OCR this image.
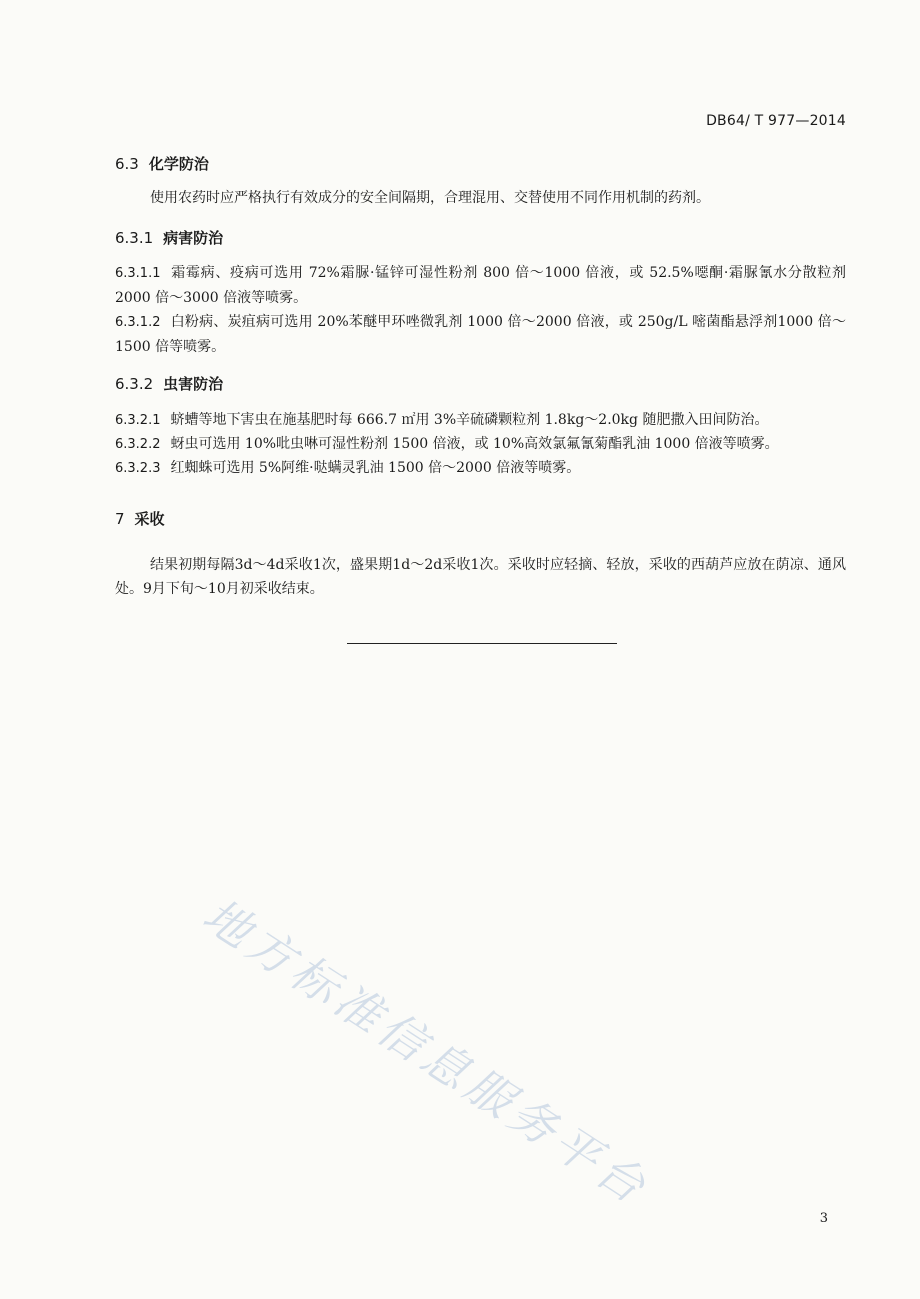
DB64/ T 977—2014
6.3 化学防治
使用农药时应严格执行有效成分的安全间隔期，合理混用、交替使用不同作用机制的药剂。
6.3.1 病害防治
6.3.1.1 霜霉病、疫病可选用 72%霜脲·锰锌可湿性粉剂 800 倍～1000 倍液，或 52.5%噁酮·霜脲氰水分散粒剂 2000 倍～3000 倍液等喷雾。
6.3.1.2 白粉病、炭疽病可选用 20%苯醚甲环唑微乳剂 1000 倍～2000 倍液，或 250g/L 嘧菌酯悬浮剂1000 倍～1500 倍等喷雾。
6.3.2 虫害防治
6.3.2.1 蛴螬等地下害虫在施基肥时每 666.7 ㎡用 3%辛硫磷颗粒剂 1.8kg～2.0kg 随肥撒入田间防治。
6.3.2.2 蚜虫可选用 10%吡虫啉可湿性粉剂 1500 倍液，或 10%高效氯氟氰菊酯乳油 1000 倍液等喷雾。
6.3.2.3 红蜘蛛可选用 5%阿维·哒螨灵乳油 1500 倍～2000 倍液等喷雾。
7 采收
结果初期每隔3d～4d采收1次，盛果期1d～2d采收1次。采收时应轻摘、轻放，采收的西葫芦应放在荫凉、通风处。9月下旬～10月初采收结束。
地方标准信息服务平台
3
